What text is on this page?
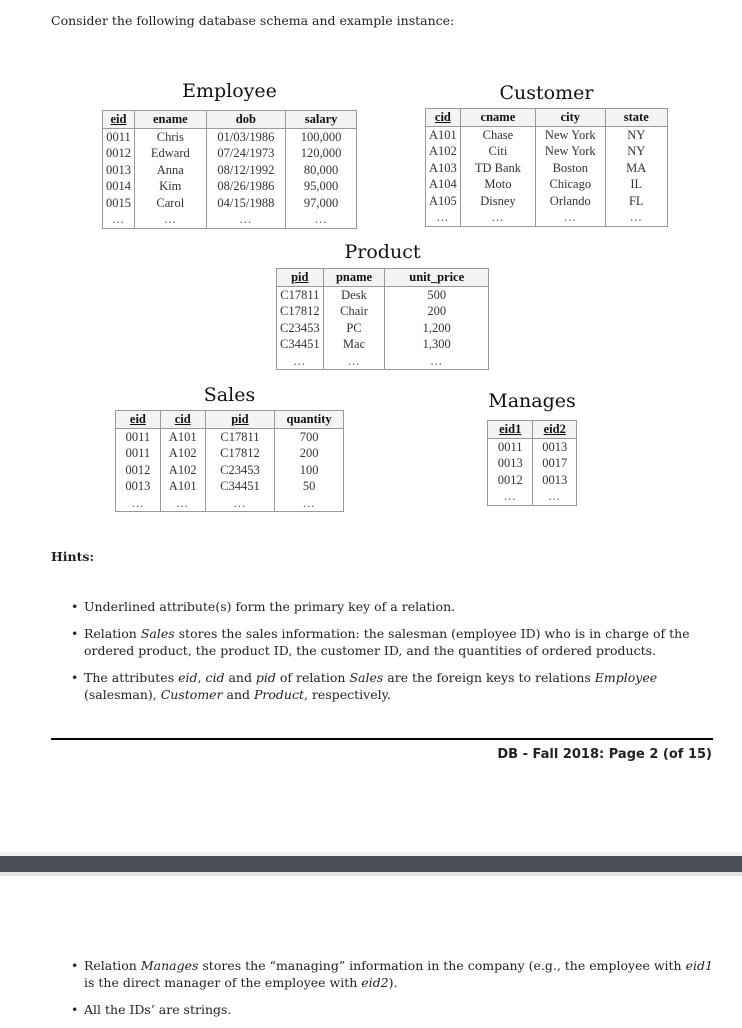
Consider the following database schema and example instance:
Employee
eid	ename	dob	salary
0011	Chris	01/03/1986	100,000
0012	Edward	07/24/1973	120,000
0013	Anna	08/12/1992	80,000
0014	Kim	08/26/1986	95,000
0015	Carol	04/15/1988	97,000
...	...	...	...
Customer
cid	cname	city	state
A101	Chase	New York	NY
A102	Citi	New York	NY
A103	TD Bank	Boston	MA
A104	Moto	Chicago	IL
A105	Disney	Orlando	FL
...	...	...	...
Product
pid	pname	unit_price
C17811	Desk	500
C17812	Chair	200
C23453	PC	1,200
C34451	Mac	1,300
...	...	...
Sales
eid	cid	pid	quantity
0011	A101	C17811	700
0011	A102	C17812	200
0012	A102	C23453	100
0013	A101	C34451	50
...	...	...	...
Manages
eid1	eid2
0011	0013
0013	0017
0012	0013
...	...
Hints:
• Underlined attribute(s) form the primary key of a relation.
• Relation Sales stores the sales information: the salesman (employee ID) who is in charge of the ordered product, the product ID, the customer ID, and the quantities of ordered products.
• The attributes eid, cid and pid of relation Sales are the foreign keys to relations Employee (salesman), Customer and Product, respectively.
DB - Fall 2018: Page 2 (of 15)
• Relation Manages stores the “managing” information in the company (e.g., the employee with eid1 is the direct manager of the employee with eid2).
• All the IDs’ are strings.
